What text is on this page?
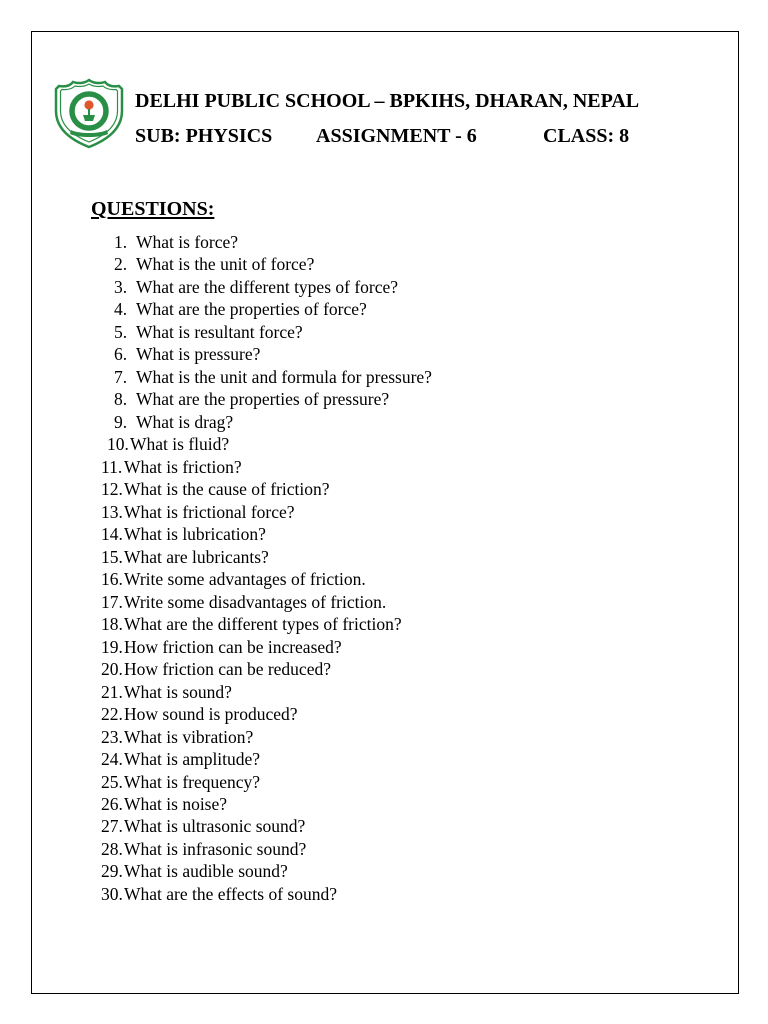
DELHI PUBLIC SCHOOL – BPKIHS, DHARAN, NEPAL
SUB: PHYSICS ASSIGNMENT - 6	CLASS: 8
QUESTIONS:
1. What is force?
2. What is the unit of force?
3. What are the different types of force?
4. What are the properties of force?
5. What is resultant force?
6. What is pressure?
7. What is the unit and formula for pressure?
8. What are the properties of pressure?
9. What is drag?
10. What is fluid?
11. What is friction?
12. What is the cause of friction?
13. What is frictional force?
14. What is lubrication?
15. What are lubricants?
16. Write some advantages of friction.
17. Write some disadvantages of friction.
18. What are the different types of friction?
19. How friction can be increased?
20. How friction can be reduced?
21. What is sound?
22. How sound is produced?
23. What is vibration?
24. What is amplitude?
25. What is frequency?
26. What is noise?
27. What is ultrasonic sound?
28. What is infrasonic sound?
29. What is audible sound?
30. What are the effects of sound?
